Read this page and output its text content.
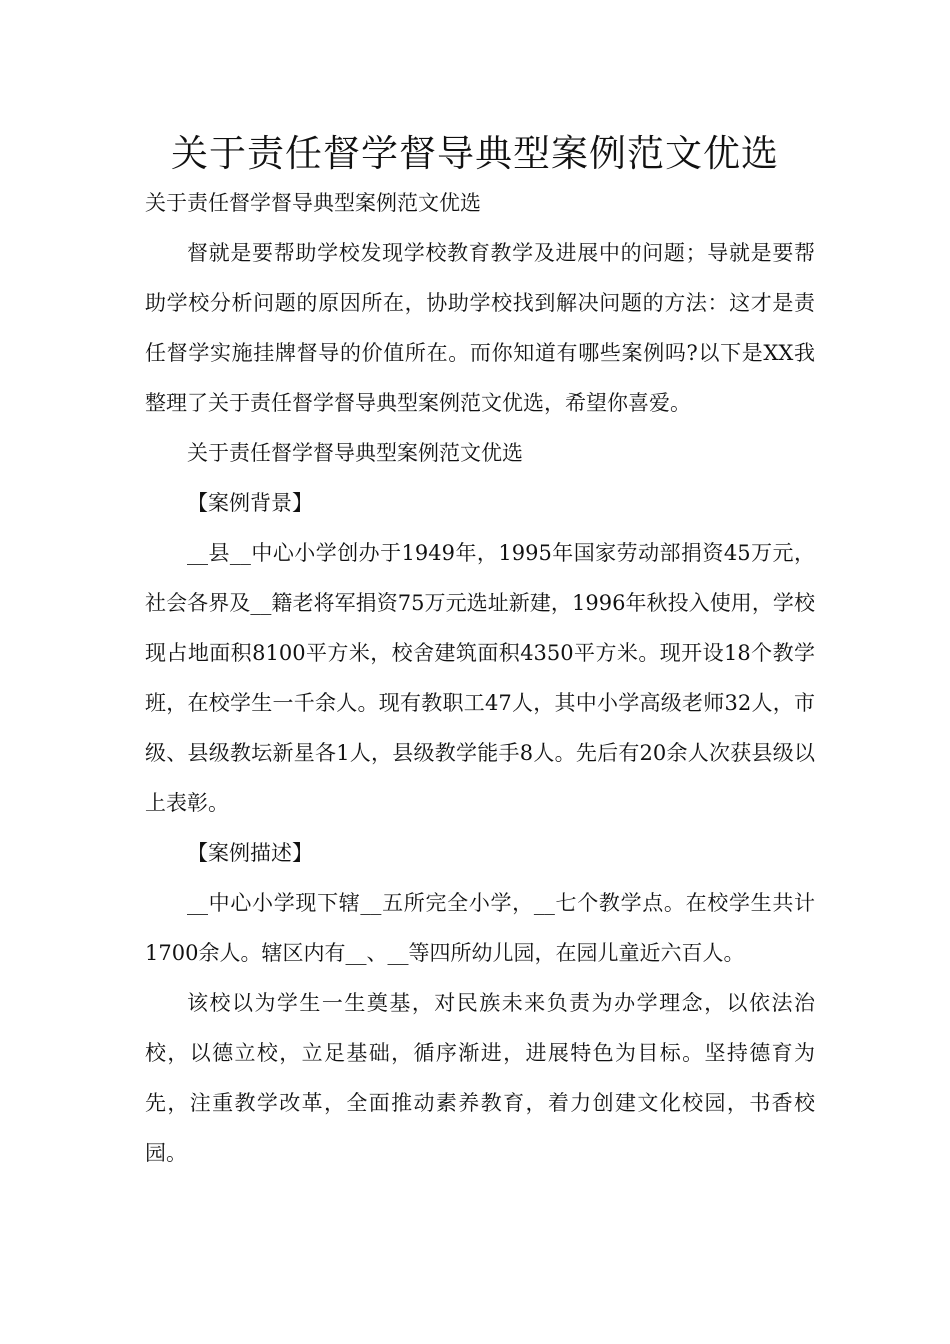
关于责任督学督导典型案例范文优选

关于责任督学督导典型案例范文优选

督就是要帮助学校发现学校教育教学及进展中的问题；导就是要帮助学校分析问题的原因所在，协助学校找到解决问题的方法：这才是责任督学实施挂牌督导的价值所在。而你知道有哪些案例吗?以下是XX我整理了关于责任督学督导典型案例范文优选，希望你喜爱。

关于责任督学督导典型案例范文优选

【案例背景】

__县__中心小学创办于1949年，1995年国家劳动部捐资45万元，社会各界及__籍老将军捐资75万元选址新建，1996年秋投入使用，学校现占地面积8100平方米，校舍建筑面积4350平方米。现开设18个教学班，在校学生一千余人。现有教职工47人，其中小学高级老师32人，市级、县级教坛新星各1人，县级教学能手8人。先后有20余人次获县级以上表彰。

【案例描述】

__中心小学现下辖__五所完全小学，__七个教学点。在校学生共计1700余人。辖区内有__、__等四所幼儿园，在园儿童近六百人。

该校以为学生一生奠基，对民族未来负责为办学理念，以依法治校，以德立校，立足基础，循序渐进，进展特色为目标。坚持德育为先，注重教学改革，全面推动素养教育，着力创建文化校园，书香校园。
